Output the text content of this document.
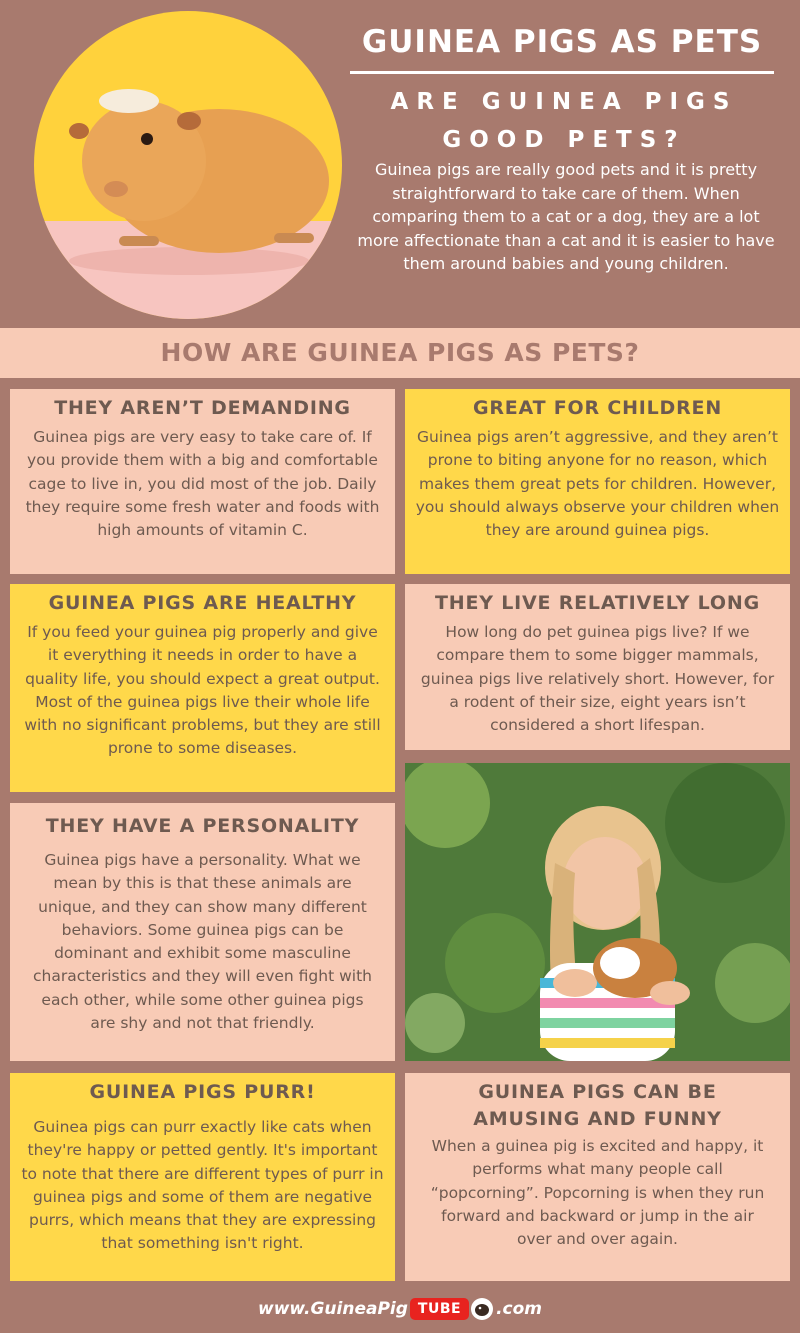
GUINEA PIGS AS PETS
ARE GUINEA PIGS GOOD PETS?
Guinea pigs are really good pets and it is pretty straightforward to take care of them. When comparing them to a cat or a dog, they are a lot more affectionate than a cat and it is easier to have them around babies and young children.
HOW ARE GUINEA PIGS AS PETS?
THEY AREN’T DEMANDING

Guinea pigs are very easy to take care of. If you provide them with a big and comfortable cage to live in, you did most of the job. Daily they require some fresh water and foods with high amounts of vitamin C.

GREAT FOR CHILDREN

Guinea pigs aren’t aggressive, and they aren’t prone to biting anyone for no reason, which makes them great pets for children. However, you should always observe your children when they are around guinea pigs.

GUINEA PIGS ARE HEALTHY

If you feed your guinea pig properly and give it everything it needs in order to have a quality life, you should expect a great output. Most of the guinea pigs live their whole life with no significant problems, but they are still prone to some diseases.

THEY LIVE RELATIVELY LONG

How long do pet guinea pigs live? If we compare them to some bigger mammals, guinea pigs live relatively short. However, for a rodent of their size, eight years isn’t considered a short lifespan.

THEY HAVE A PERSONALITY

Guinea pigs have a personality. What we mean by this is that these animals are unique, and they can show many different behaviors. Some guinea pigs can be dominant and exhibit some masculine characteristics and they will even fight with each other, while some other guinea pigs are shy and not that friendly.

GUINEA PIGS PURR!

Guinea pigs can purr exactly like cats when they're happy or petted gently. It's important to note that there are different types of purr in guinea pigs and some of them are negative purrs, which means that they are expressing that something isn't right.

GUINEA PIGS CAN BE AMUSING AND FUNNY

When a guinea pig is excited and happy, it performs what many people call “popcorning”. Popcorning is when they run forward and backward or jump in the air over and over again.

www.GuineaPig TUBE	.com
